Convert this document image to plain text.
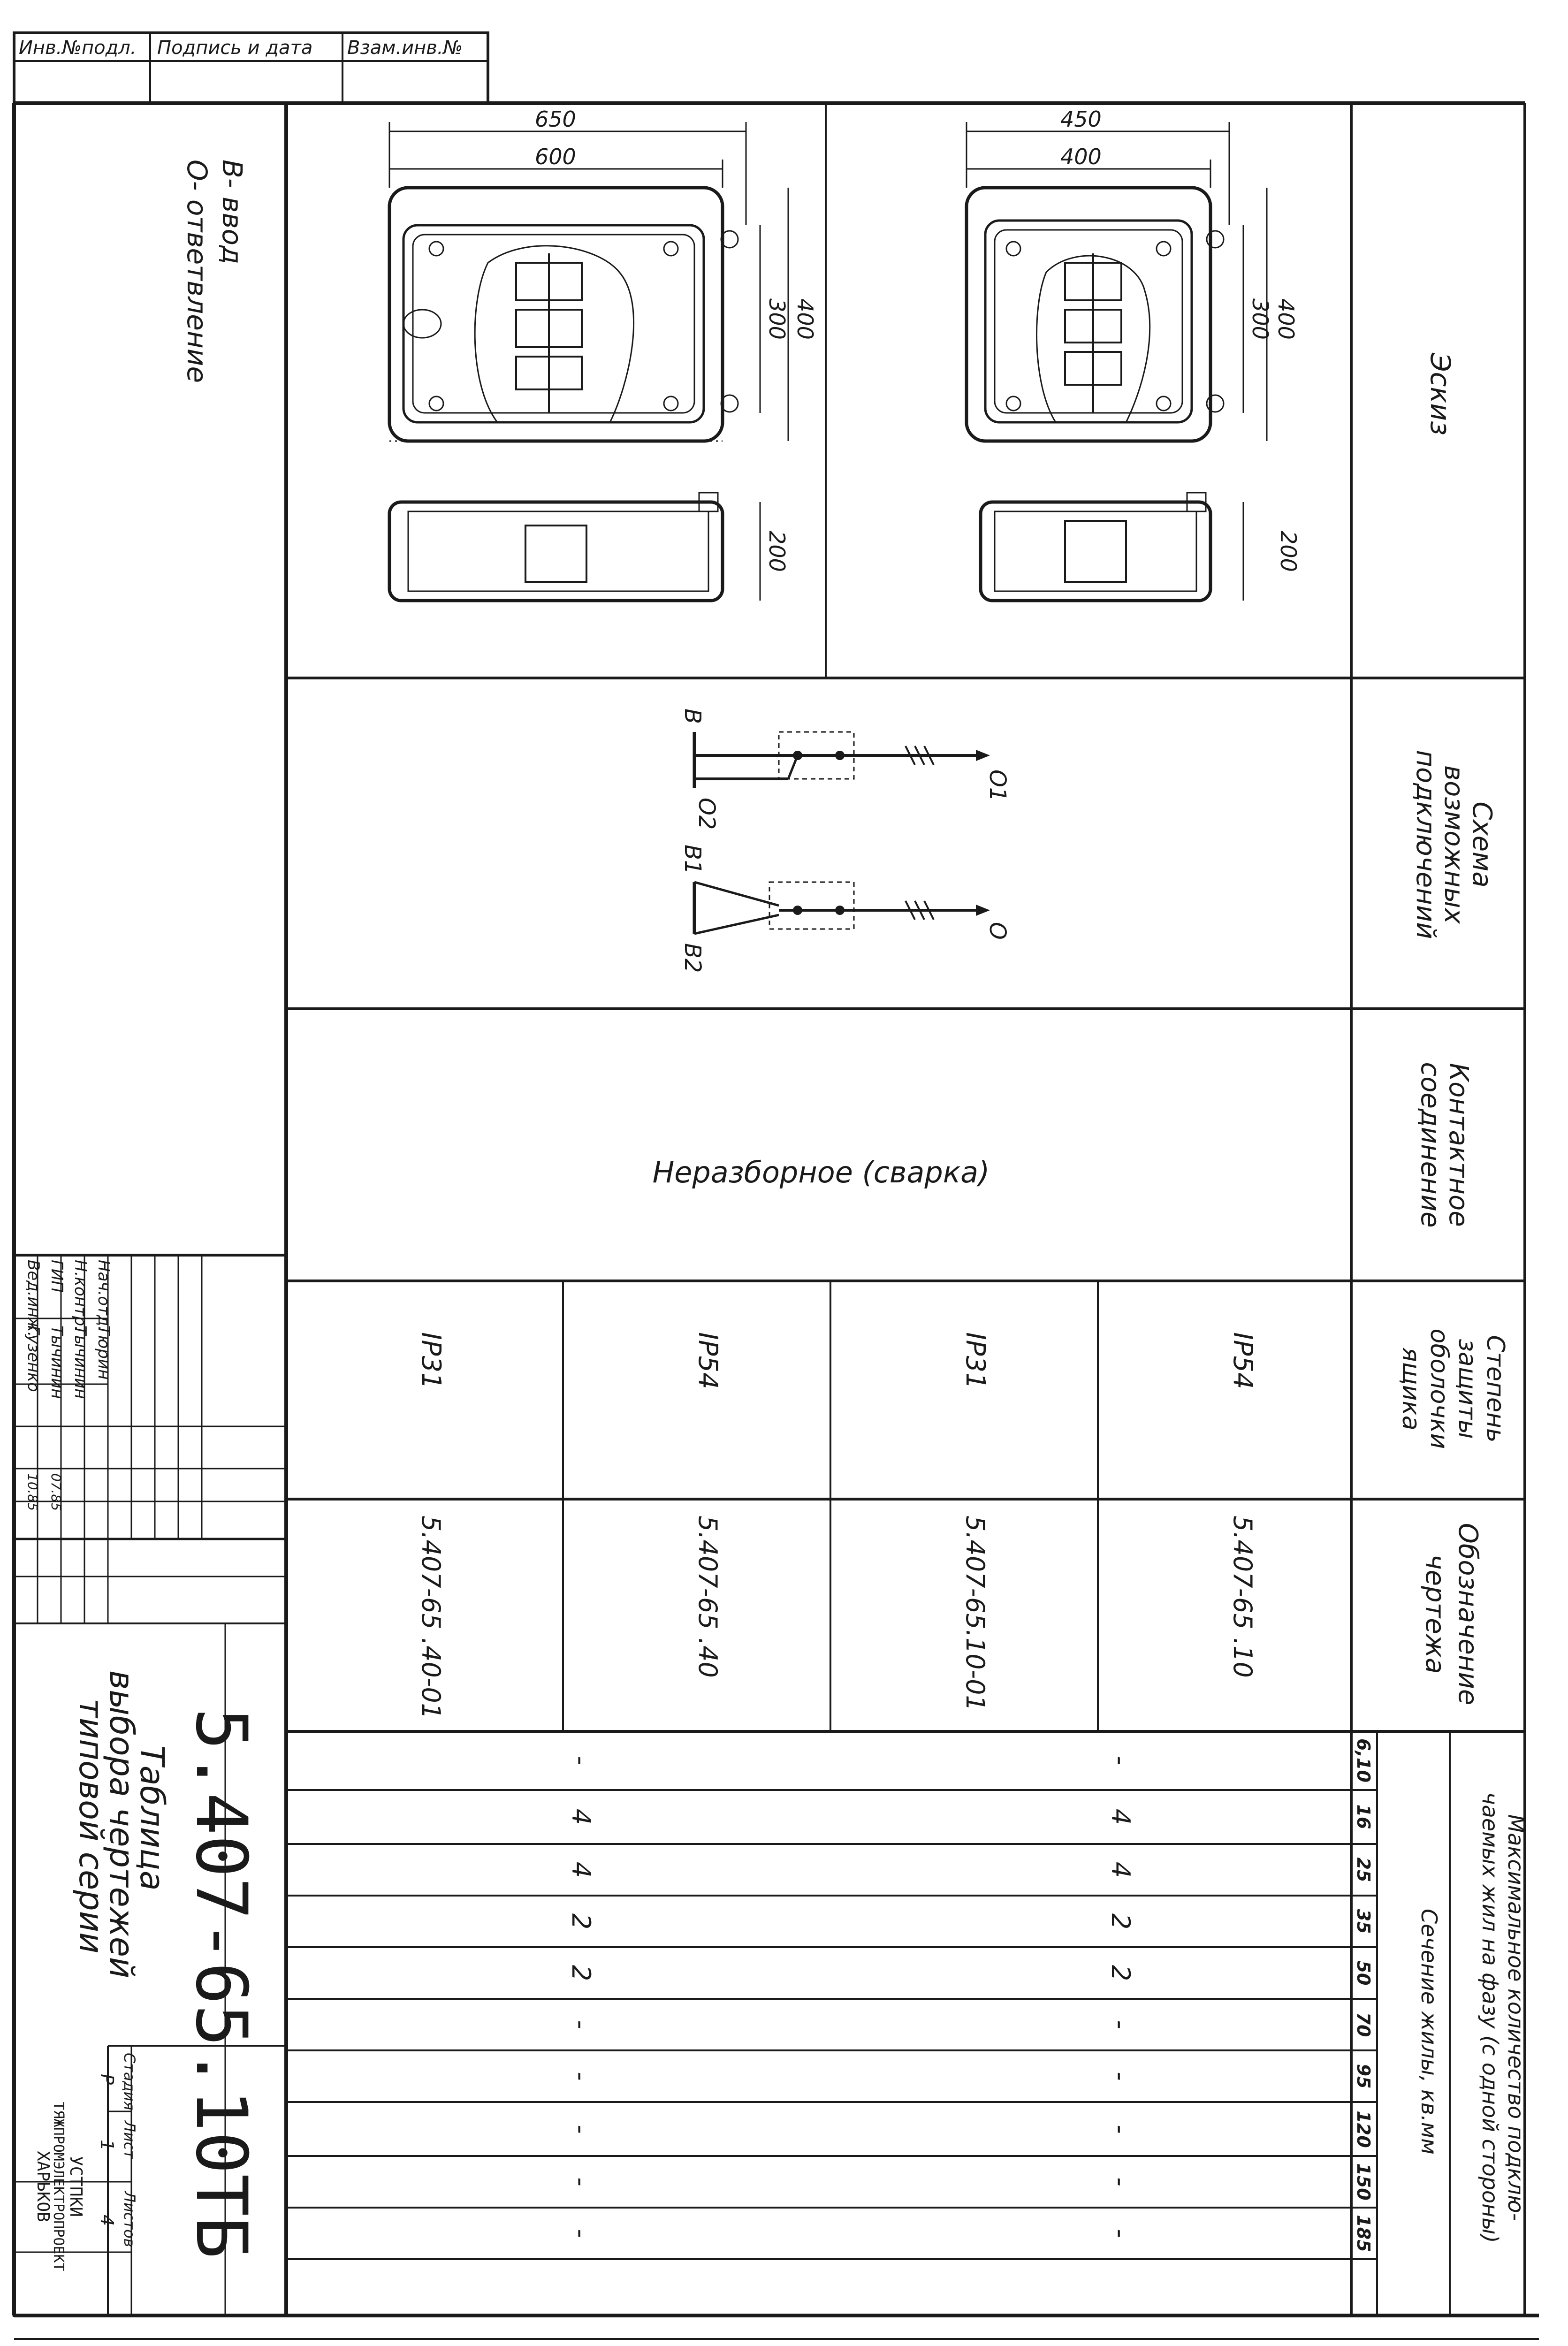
Инв.№подл. Подпись и дата Взам.инв.№
Эскиз
Схема
возможных
подключений
Контактное
соединение
Степень
защиты
оболочки
ящика
Обозначение
чертежа
Максимальное количество подклю-
чаемых жил на фазу (с одной стороны)
Сечение жилы, кв.мм
6,10
16
25
35
50
70
95
120
150
185
В- ввод
О- ответвление
650
600
400
300
200
450
400
400
300
200
В
О1
О2
В1
О
В2
Неразборное (сварка)
IP54
IP31
IP54
IP31
5.407-65 .10
5.407-65.10-01
5.407-65 .40
5.407-65 .40-01
-
4
4
2
2
-
-
-
-
-
-
4
4
2
2
-
-
-
-
-
Нач.отд.
Н.контр.
ГИП
Вед.инж.
Тюрин
Тычинин
Тычинин
Гузенко
07.85
10.85
5.407-65.10ТБ
Таблица
выбора чертежей
типовой серии
Стадия
Лист
Листов
Р
1
4
УСТПКИ
ТЯЖПРОМЭЛЕКТРОПРОЕКТ
ХАРЬКОВ
